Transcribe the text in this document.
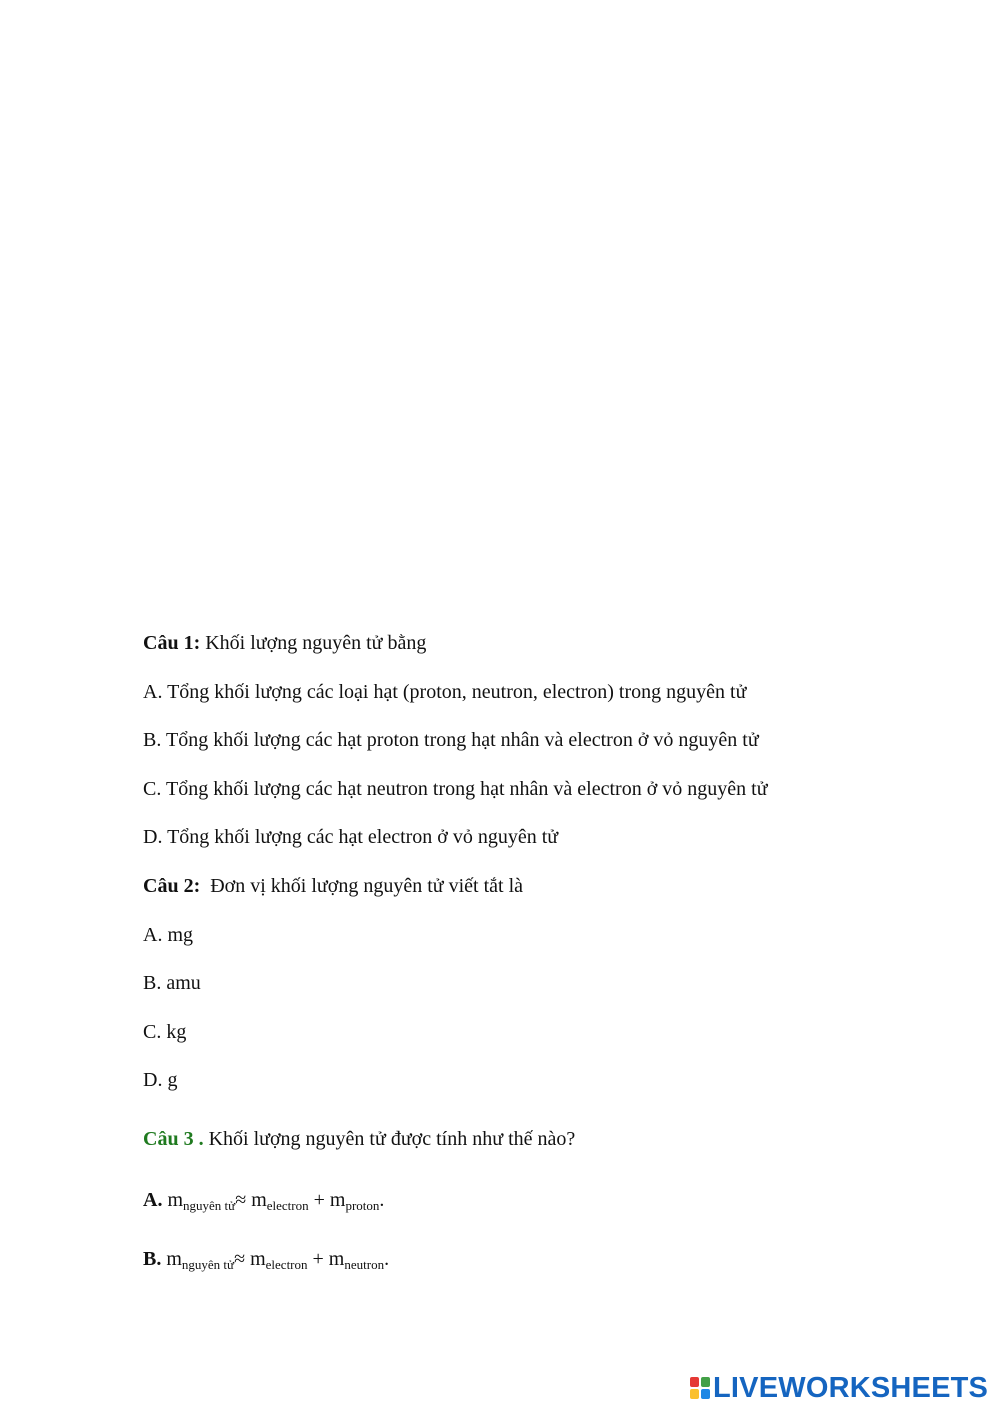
Câu 1: Khối lượng nguyên tử bằng
A. Tổng khối lượng các loại hạt (proton, neutron, electron) trong nguyên tử
B. Tổng khối lượng các hạt proton trong hạt nhân và electron ở vỏ nguyên tử
C. Tổng khối lượng các hạt neutron trong hạt nhân và electron ở vỏ nguyên tử
D. Tổng khối lượng các hạt electron ở vỏ nguyên tử
Câu 2:  Đơn vị khối lượng nguyên tử viết tắt là
A. mg
B. amu
C. kg
D. g
Câu 3 . Khối lượng nguyên tử được tính như thế nào?
A. $m_{nguyên tử}\approx m_{electron} + m_{proton}$.
B. $m_{nguyên tử}\approx m_{electron} + m_{neutron}$.
LIVEWORKSHEETS
